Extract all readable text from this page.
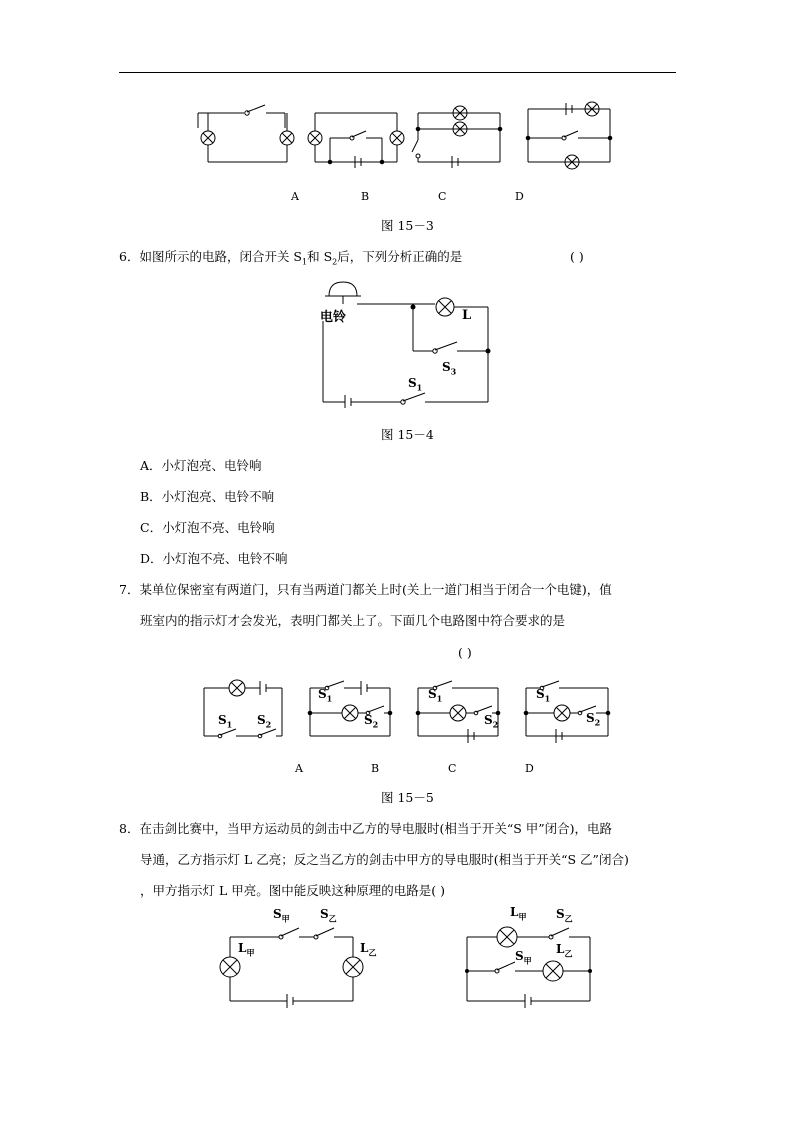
A	B	C	D
图 15－3
6．如图所示的电路，闭合开关 $S_1$和 $S_2$后，下列分析正确的是	( )
电铃	L
$S_3$
$S_1$
图 15－4
A．小灯泡亮、电铃响
B．小灯泡亮、电铃不响
C．小灯泡不亮、电铃响
D．小灯泡不亮、电铃不响
7．某单位保密室有两道门，只有当两道门都关上时(关上一道门相当于闭合一个电键)，值
班室内的指示灯才会发光，表明门都关上了。下面几个电路图中符合要求的是
( )
$S_1$ $S_2$
$S_1$
$S_2$
$S_1$
$S_2$
$S_1$
$S_2$
A	B	C	D
图 15－5
8．在击剑比赛中，当甲方运动员的剑击中乙方的导电服时(相当于开关“S 甲”闭合)，电路
导通，乙方指示灯 L 乙亮；反之当乙方的剑击中甲方的导电服时(相当于开关“S 乙”闭合)
，甲方指示灯 L 甲亮。图中能反映这种原理的电路是( )
$S_甲$	$S_乙$
$L_甲$	$L_乙$
$L_甲$ $S_乙$
$S_甲$
$L_乙$
